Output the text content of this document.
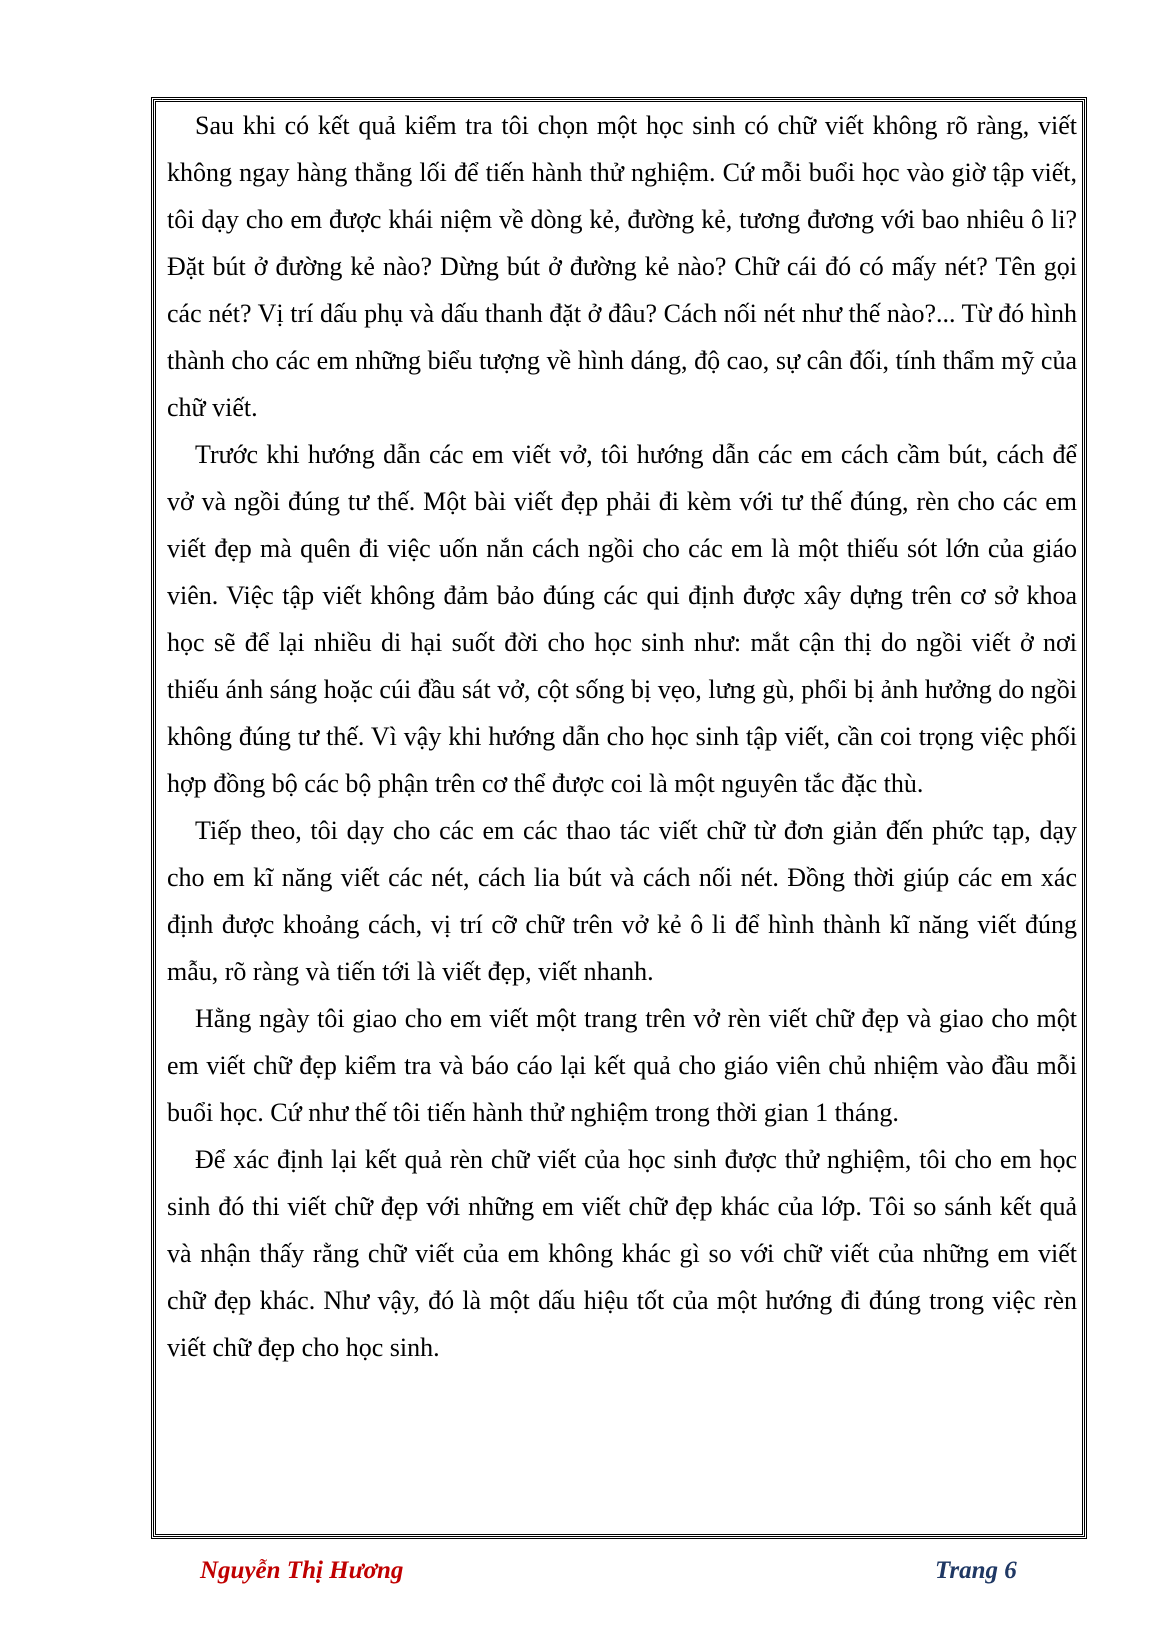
Sau khi có kết quả kiểm tra tôi chọn một học sinh có chữ viết không rõ ràng, viết không ngay hàng thẳng lối để tiến hành thử nghiệm. Cứ mỗi buổi học vào giờ tập viết, tôi dạy cho em được khái niệm về dòng kẻ, đường kẻ, tương đương với bao nhiêu ô li? Đặt bút ở đường kẻ nào? Dừng bút ở đường kẻ nào? Chữ cái đó có mấy nét? Tên gọi các nét? Vị trí dấu phụ và dấu thanh đặt ở đâu? Cách nối nét như thế nào?... Từ đó hình thành cho các em những biểu tượng về hình dáng, độ cao, sự cân đối, tính thẩm mỹ của chữ viết.

Trước khi hướng dẫn các em viết vở, tôi hướng dẫn các em cách cầm bút, cách để vở và ngồi đúng tư thế. Một bài viết đẹp phải đi kèm với tư thế đúng, rèn cho các em viết đẹp mà quên đi việc uốn nắn cách ngồi cho các em là một thiếu sót lớn của giáo viên. Việc tập viết không đảm bảo đúng các qui định được xây dựng trên cơ sở khoa học sẽ để lại nhiều di hại suốt đời cho học sinh như: mắt cận thị do ngồi viết ở nơi thiếu ánh sáng hoặc cúi đầu sát vở, cột sống bị vẹo, lưng gù, phổi bị ảnh hưởng do ngồi không đúng tư thế. Vì vậy khi hướng dẫn cho học sinh tập viết, cần coi trọng việc phối hợp đồng bộ các bộ phận trên cơ thể được coi là một nguyên tắc đặc thù.

Tiếp theo, tôi dạy cho các em các thao tác viết chữ từ đơn giản đến phức tạp, dạy cho em kĩ năng viết các nét, cách lia bút và cách nối nét. Đồng thời giúp các em xác định được khoảng cách, vị trí cỡ chữ trên vở kẻ ô li để hình thành kĩ năng viết đúng mẫu, rõ ràng và tiến tới là viết đẹp, viết nhanh.

Hằng ngày tôi giao cho em viết một trang trên vở rèn viết chữ đẹp và giao cho một em viết chữ đẹp kiểm tra và báo cáo lại kết quả cho giáo viên chủ nhiệm vào đầu mỗi buổi học. Cứ như thế tôi tiến hành thử nghiệm trong thời gian 1 tháng.

Để xác định lại kết quả rèn chữ viết của học sinh được thử nghiệm, tôi cho em học sinh đó thi viết chữ đẹp với những em viết chữ đẹp khác của lớp. Tôi so sánh kết quả và nhận thấy rằng chữ viết của em không khác gì so với chữ viết của những em viết chữ đẹp khác. Như vậy, đó là một dấu hiệu tốt của một hướng đi đúng trong việc rèn viết chữ đẹp cho học sinh.

Nguyễn Thị Hương	Trang 6
